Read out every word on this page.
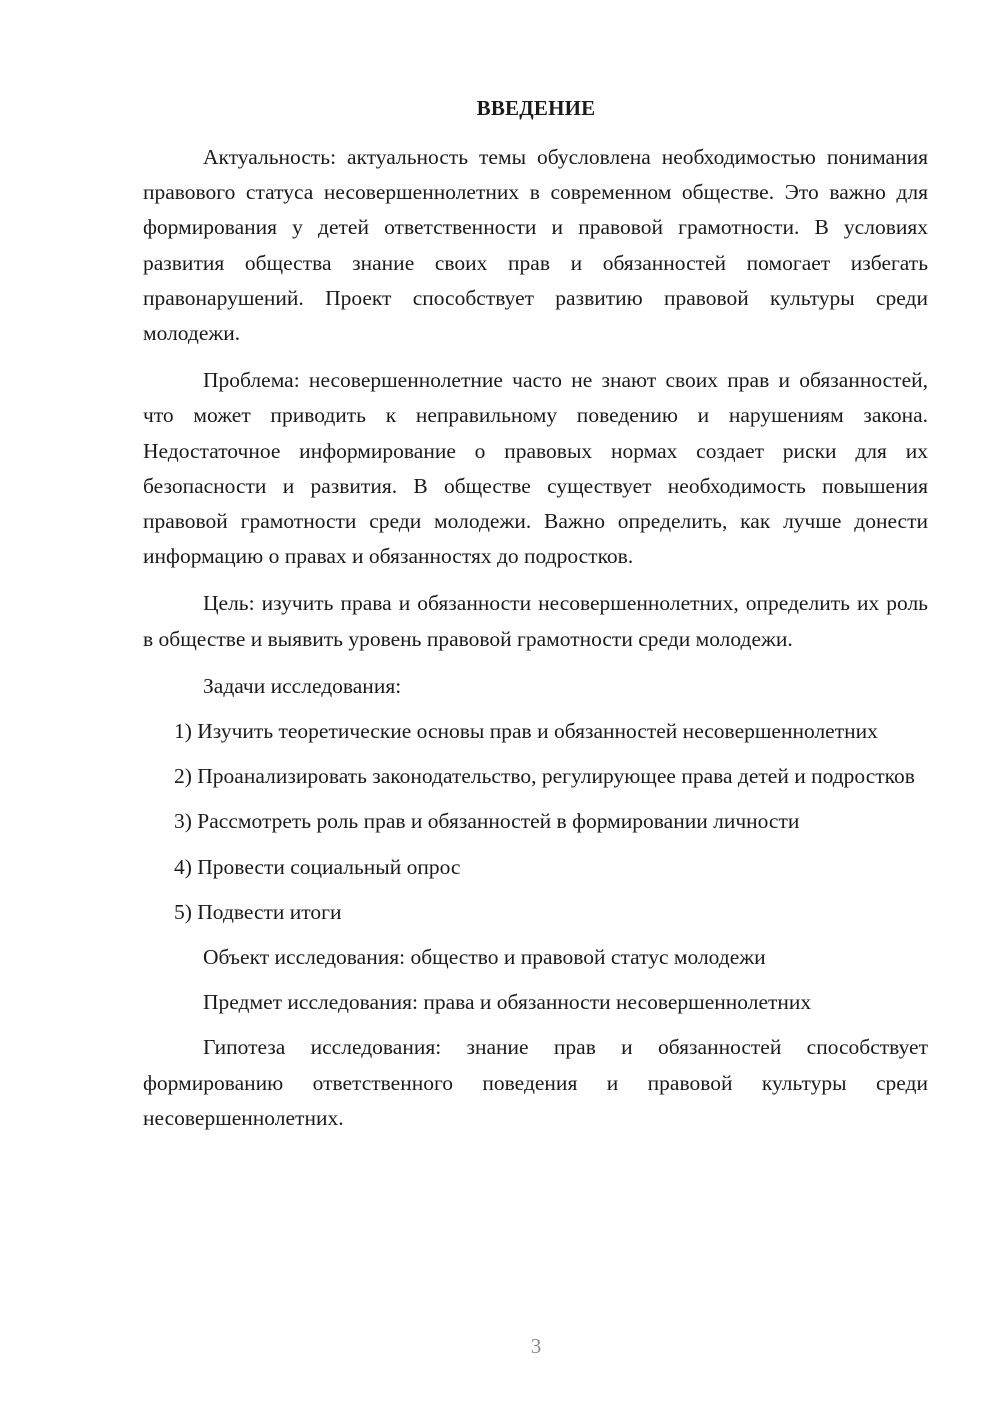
ВВЕДЕНИЕ

Актуальность: актуальность темы обусловлена необходимостью понимания правового статуса несовершеннолетних в современном обществе. Это важно для формирования у детей ответственности и правовой грамотности. В условиях развития общества знание своих прав и обязанностей помогает избегать правонарушений. Проект способствует развитию правовой культуры среди молодежи.

Проблема: несовершеннолетние часто не знают своих прав и обязанностей, что может приводить к неправильному поведению и нарушениям закона. Недостаточное информирование о правовых нормах создает риски для их безопасности и развития. В обществе существует необходимость повышения правовой грамотности среди молодежи. Важно определить, как лучше донести информацию о правах и обязанностях до подростков.

Цель: изучить права и обязанности несовершеннолетних, определить их роль в обществе и выявить уровень правовой грамотности среди молодежи.

Задачи исследования:

1) Изучить теоретические основы прав и обязанностей несовершеннолетних

2) Проанализировать законодательство, регулирующее права детей и подростков

3) Рассмотреть роль прав и обязанностей в формировании личности

4) Провести социальный опрос

5) Подвести итоги

Объект исследования: общество и правовой статус молодежи

Предмет исследования: права и обязанности несовершеннолетних

Гипотеза исследования: знание прав и обязанностей способствует формированию ответственного поведения и правовой культуры среди несовершеннолетних.

3
